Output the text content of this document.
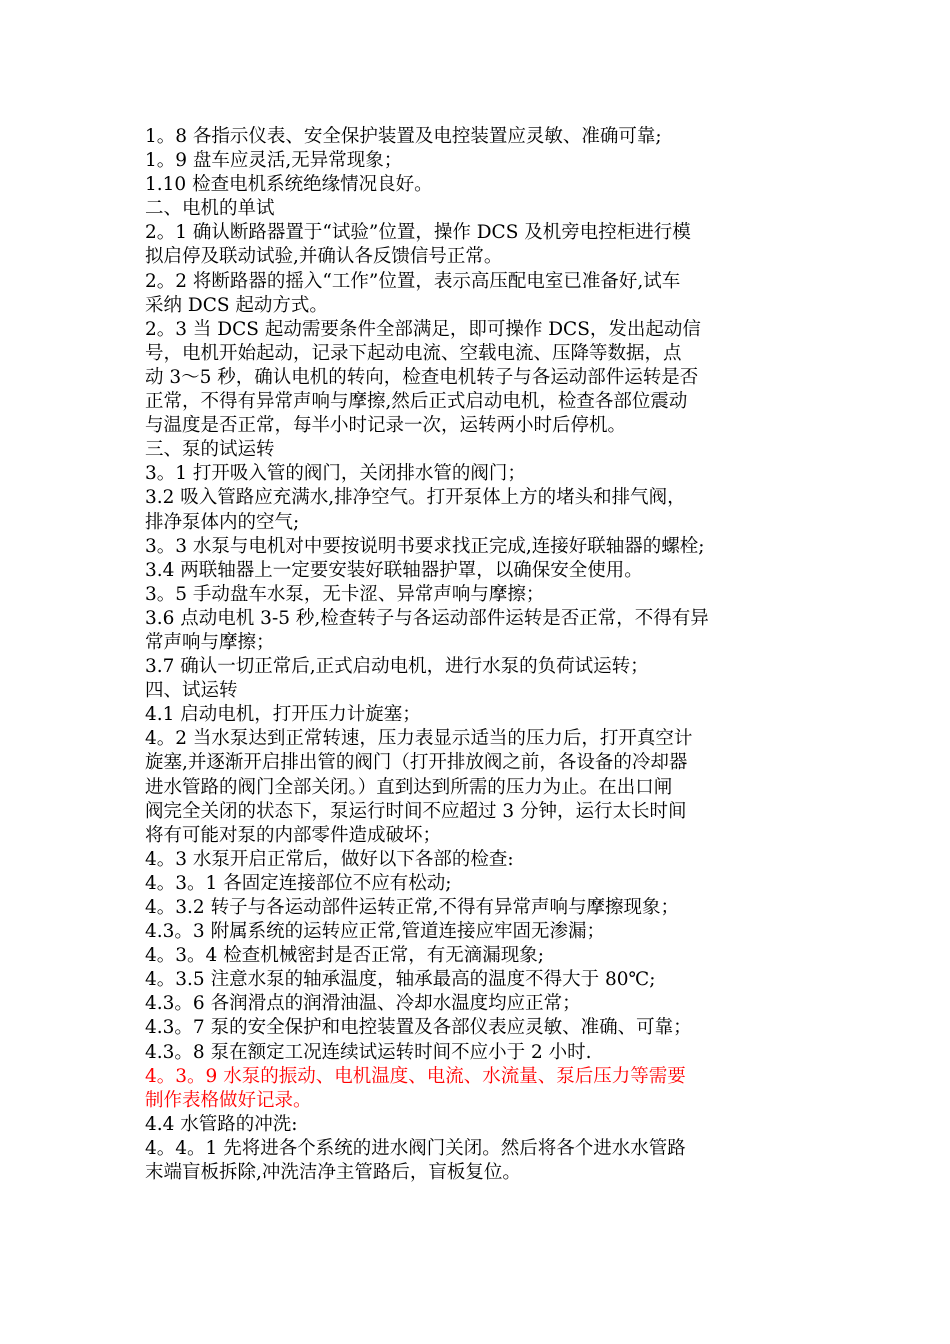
1。8 各指示仪表、安全保护装置及电控装置应灵敏、准确可靠;

1。9 盘车应灵活,无异常现象；

1.10 检查电机系统绝缘情况良好。

二、电机的单试

2。1 确认断路器置于“试验”位置，操作 DCS 及机旁电控柜进行模

拟启停及联动试验,并确认各反馈信号正常。

2。2 将断路器的摇入“工作”位置，表示高压配电室已准备好,试车

采纳 DCS 起动方式。

2。3 当 DCS 起动需要条件全部满足，即可操作 DCS，发出起动信

号，电机开始起动，记录下起动电流、空载电流、压降等数据，点

动 3～5 秒，确认电机的转向，检查电机转子与各运动部件运转是否

正常，不得有异常声响与摩擦,然后正式启动电机，检查各部位震动

与温度是否正常，每半小时记录一次，运转两小时后停机。

三、泵的试运转

3。1 打开吸入管的阀门，关闭排水管的阀门；

3.2 吸入管路应充满水,排净空气。打开泵体上方的堵头和排气阀，

排净泵体内的空气;

3。3 水泵与电机对中要按说明书要求找正完成,连接好联轴器的螺栓;

3.4 两联轴器上一定要安装好联轴器护罩，以确保安全使用。

3。5 手动盘车水泵，无卡涩、异常声响与摩擦；

3.6 点动电机 3-5 秒,检查转子与各运动部件运转是否正常，不得有异

常声响与摩擦；

3.7 确认一切正常后,正式启动电机，进行水泵的负荷试运转；

四、试运转

4.1 启动电机，打开压力计旋塞；

4。2 当水泵达到正常转速，压力表显示适当的压力后，打开真空计

旋塞,并逐渐开启排出管的阀门（打开排放阀之前，各设备的冷却器

进水管路的阀门全部关闭。）直到达到所需的压力为止。在出口闸

阀完全关闭的状态下，泵运行时间不应超过 3 分钟，运行太长时间

将有可能对泵的内部零件造成破坏；

4。3 水泵开启正常后，做好以下各部的检查:

4。3。1 各固定连接部位不应有松动;

4。3.2 转子与各运动部件运转正常,不得有异常声响与摩擦现象；

4.3。3 附属系统的运转应正常,管道连接应牢固无渗漏；

4。3。4 检查机械密封是否正常，有无滴漏现象;

4。3.5 注意水泵的轴承温度，轴承最高的温度不得大于 80℃;

4.3。6 各润滑点的润滑油温、冷却水温度均应正常；

4.3。7 泵的安全保护和电控装置及各部仪表应灵敏、准确、可靠；

4.3。8 泵在额定工况连续试运转时间不应小于 2 小时.

4。3。9 水泵的振动、电机温度、电流、水流量、泵后压力等需要

制作表格做好记录。

4.4 水管路的冲洗:

4。4。1 先将进各个系统的进水阀门关闭。然后将各个进水水管路

末端盲板拆除,冲洗洁净主管路后，盲板复位。
